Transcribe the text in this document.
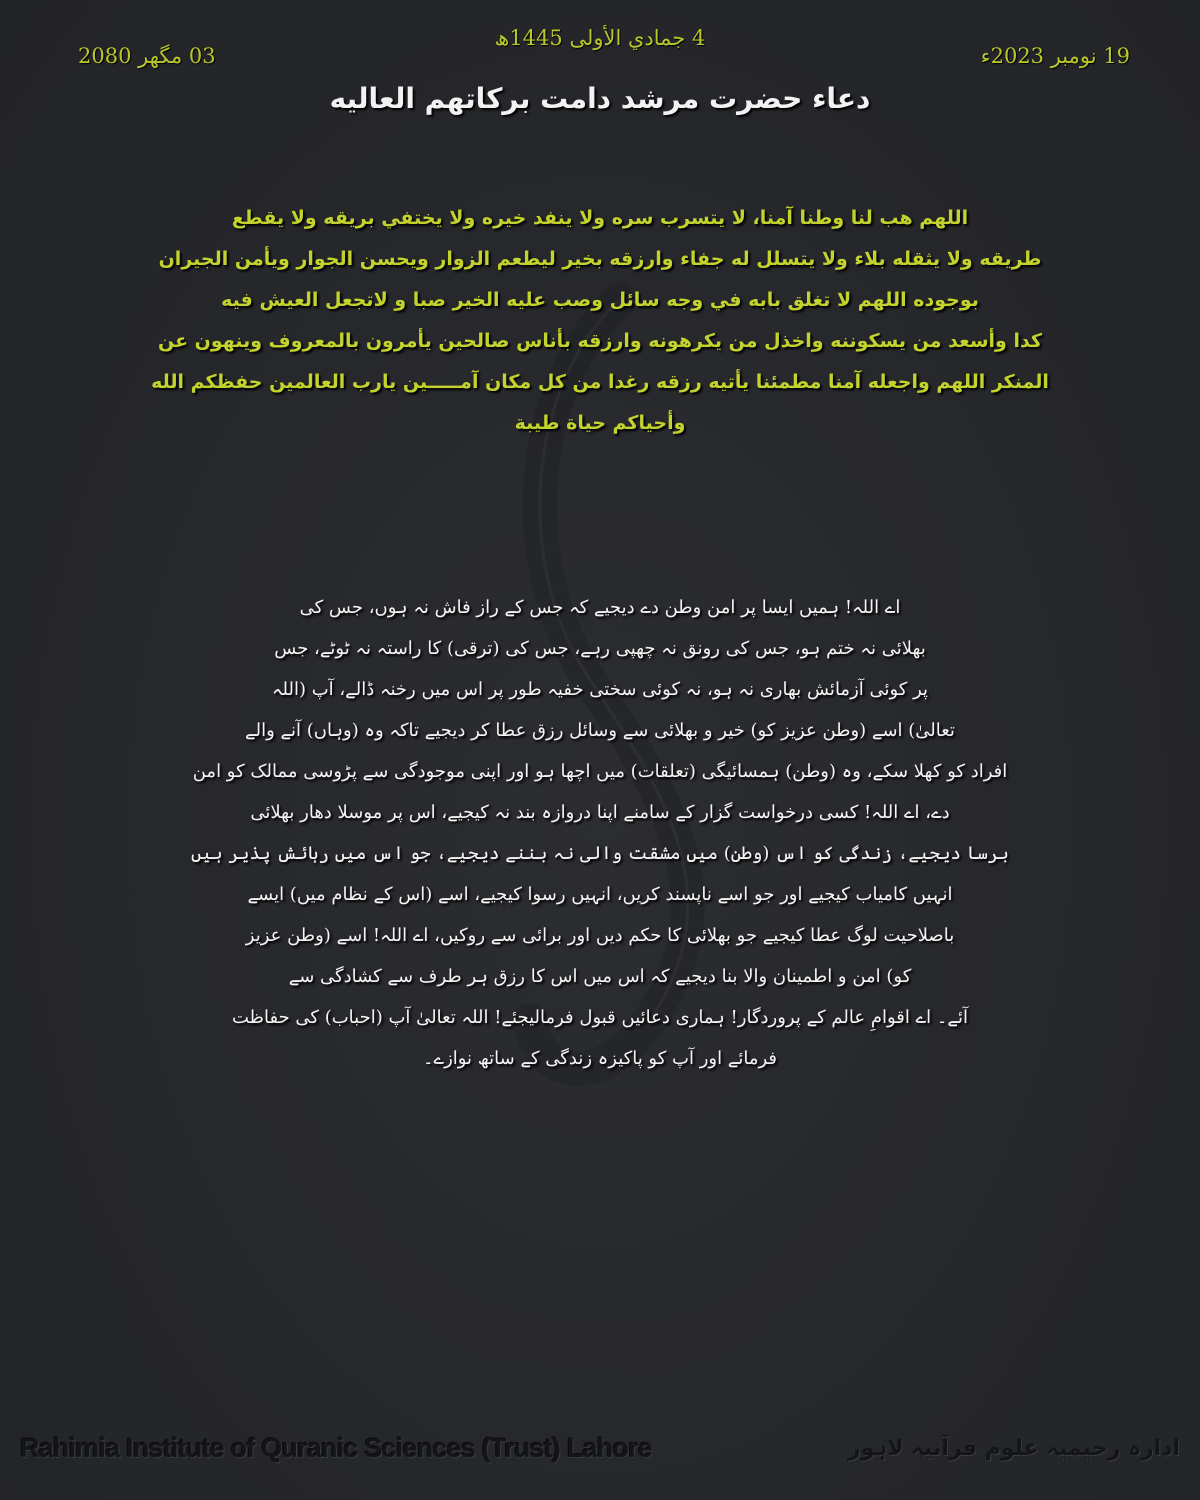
4 جمادي الأولى 1445ھ
03 مگھر 2080	19 نومبر 2023ء
دعاء حضرت مرشد دامت برکاتهم العاليه
اللهم هب لنا وطنا آمنا، لا يتسرب سره ولا ينفد خيره ولا يختفي بريقه ولا يقطع
طريقه ولا يثقله بلاء ولا يتسلل له جفاء وارزقه بخير ليطعم الزوار ويحسن الجوار ويأمن الجيران
بوجوده اللهم لا تغلق بابه في وجه سائل وصب عليه الخير صبا و لاتجعل العيش فيه
كدا وأسعد من يسكوننه واخذل من يكرهونه وارزقه بأناس صالحين يأمرون بالمعروف وينهون عن
المنكر اللهم واجعله آمنا مطمئنا يأتيه رزقه رغدا من كل مكان آمـــــين يارب العالمين حفظكم الله
وأحياكم حياة طيبة
اے اللہ! ہمیں ایسا پر امن وطن دے دیجیے کہ جس کے راز فاش نہ ہوں، جس کی
بھلائی نہ ختم ہو، جس کی رونق نہ چھپی رہے، جس کی (ترقی) کا راستہ نہ ٹوٹے، جس
پر کوئی آزمائش بھاری نہ ہو، نہ کوئی سختی خفیہ طور پر اس میں رخنہ ڈالے، آپ (اللہ
تعالیٰ) اسے (وطن عزیز کو) خیر و بھلائی سے وسائل رزق عطا کر دیجیے تاکہ وہ (وہاں) آنے والے
افراد کو کھلا سکے، وہ (وطن) ہمسائیگی (تعلقات) میں اچھا ہو اور اپنی موجودگی سے پڑوسی ممالک کو امن
دے، اے اللہ! کسی درخواست گزار کے سامنے اپنا دروازہ بند نہ کیجیے، اس پر موسلا دھار بھلائی
برسا دیجیے، زندگی کو اس (وطن) میں مشقت والی نہ بننے دیجیے، جو اس میں رہائش پذیر ہیں
انہیں کامیاب کیجیے اور جو اسے ناپسند کریں، انہیں رسوا کیجیے، اسے (اس کے نظام میں) ایسے
باصلاحیت لوگ عطا کیجیے جو بھلائی کا حکم دیں اور برائی سے روکیں، اے اللہ! اسے (وطن عزیز
کو) امن و اطمینان والا بنا دیجیے کہ اس میں اس کا رزق ہر طرف سے کشادگی سے
آئے۔ اے اقوامِ عالم کے پروردگار! ہماری دعائیں قبول فرمالیجئے! اللہ تعالیٰ آپ (احباب) کی حفاظت
فرمائے اور آپ کو پاکیزہ زندگی کے ساتھ نوازے۔
Rahimia Institute of Quranic Sciences (Trust) Lahore	ادارہ رحیمیہ علوم قرآنیہ لاہور
